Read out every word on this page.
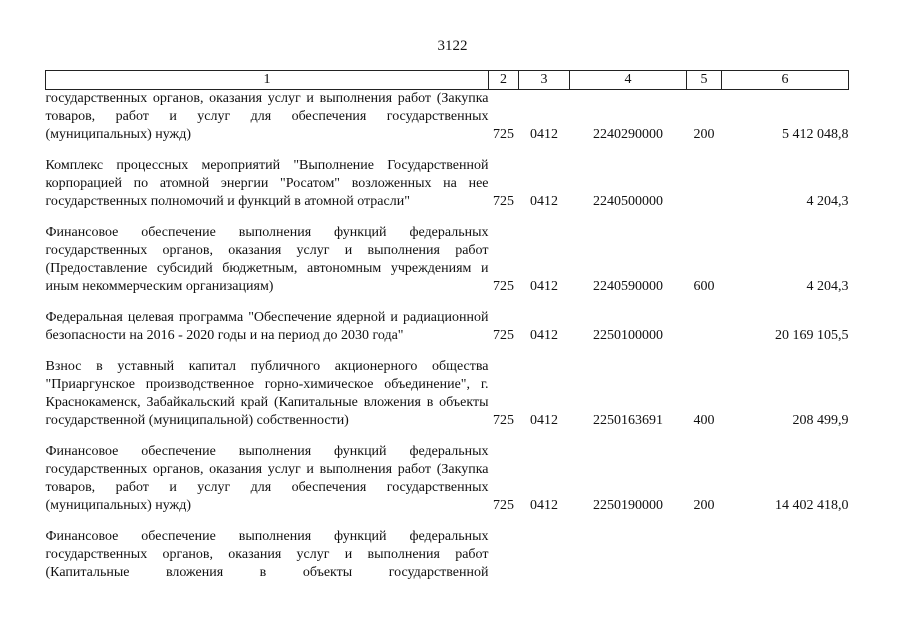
3122
1	2	3	4	5	6
государственных органов, оказания услуг и выполнения работ (Закупка товаров, работ и услуг для обеспечения государственных (муниципальных) нужд)	725	0412	2240290000	200	5 412 048,8

Комплекс процессных мероприятий "Выполнение Государственной корпорацией по атомной энергии "Росатом" возложенных на нее государственных полномочий и функций в атомной отрасли"	725	0412	2240500000		4 204,3

Финансовое обеспечение выполнения функций федеральных государственных органов, оказания услуг и выполнения работ (Предоставление субсидий бюджетным, автономным учреждениям и иным некоммерческим организациям)	725	0412	2240590000	600	4 204,3

Федеральная целевая программа "Обеспечение ядерной и радиационной безопасности на 2016 - 2020 годы и на период до 2030 года"	725	0412	2250100000		20 169 105,5

Взнос в уставный капитал публичного акционерного общества "Приаргунское производственное горно-химическое объединение", г. Краснокаменск, Забайкальский край (Капитальные вложения в объекты государственной (муниципальной) собственности)	725	0412	2250163691	400	208 499,9

Финансовое обеспечение выполнения функций федеральных государственных органов, оказания услуг и выполнения работ (Закупка товаров, работ и услуг для обеспечения государственных (муниципальных) нужд)	725	0412	2250190000	200	14 402 418,0

Финансовое обеспечение выполнения функций федеральных государственных органов, оказания услуг и выполнения работ (Капитальные вложения в объекты государственной					
